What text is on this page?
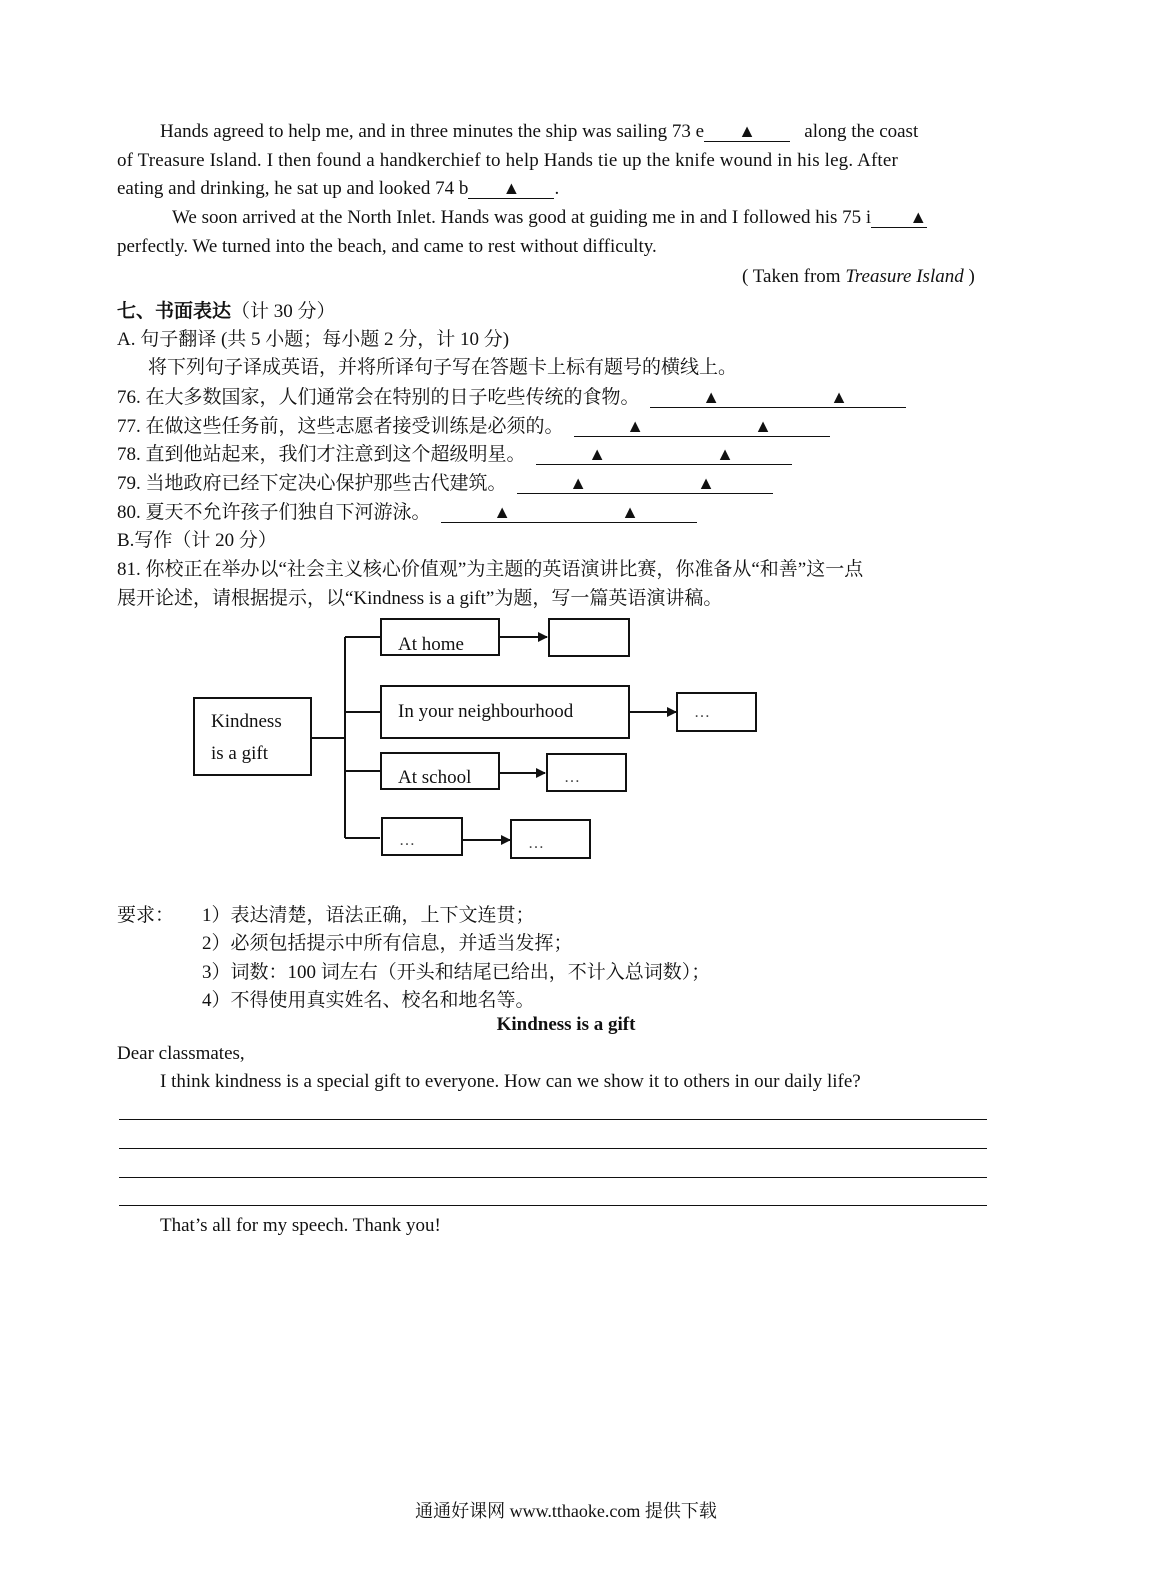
Hands agreed to help me, and in three minutes the ship was sailing 73 e ▲	along the coast
of Treasure Island. I then found a handkerchief to help Hands tie up the knife wound in his leg. After
eating and drinking, he sat up and looked 74 b ▲ .
We soon arrived at the North Inlet. Hands was good at guiding me in and I followed his 75 i ▲
perfectly. We turned into the beach, and came to rest without difficulty.
( Taken from Treasure Island )
七、书面表达（计 30 分）
A. 句子翻译 (共 5 小题；每小题 2 分，计 10 分)
将下列句子译成英语，并将所译句子写在答题卡上标有题号的横线上。
76. 在大多数国家，人们通常会在特别的日子吃些传统的食物。	▲	▲
77. 在做这些任务前，这些志愿者接受训练是必须的。	▲	▲
78. 直到他站起来，我们才注意到这个超级明星。	▲	▲
79. 当地政府已经下定决心保护那些古代建筑。	▲	▲
80. 夏天不允许孩子们独自下河游泳。	▲	▲
B.写作（计 20 分）
81. 你校正在举办以“社会主义核心价值观”为主题的英语演讲比赛，你准备从“和善”这一点
展开论述，请根据提示，以“Kindness is a gift”为题，写一篇英语演讲稿。
Kindness
is a gift
At home
In your neighbourhood	…
At school	…
…	…
要求： 1）表达清楚，语法正确，上下文连贯；
2）必须包括提示中所有信息，并适当发挥；
3）词数：100 词左右（开头和结尾已给出，不计入总词数）；
4）不得使用真实姓名、校名和地名等。
Kindness is a gift
Dear classmates,
I think kindness is a special gift to everyone. How can we show it to others in our daily life?
That’s all for my speech. Thank you!
通通好课网 www.tthaoke.com 提供下载
